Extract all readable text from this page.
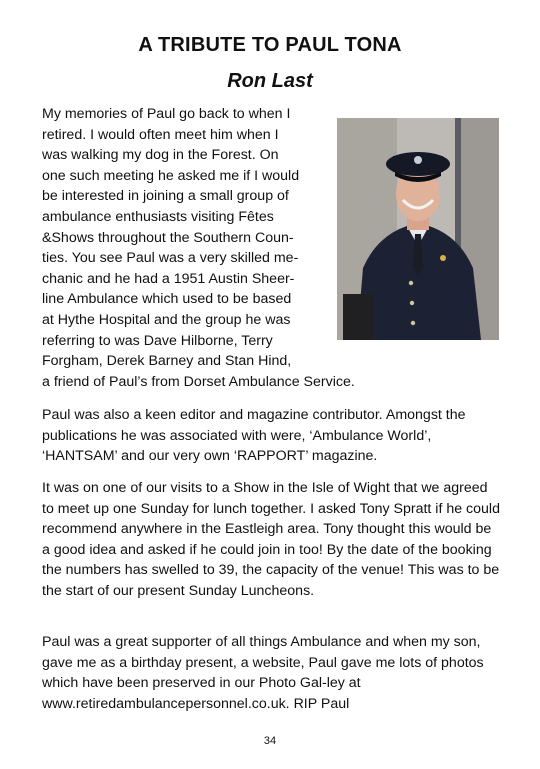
A TRIBUTE TO PAUL TONA
Ron Last
My memories of Paul go back to when I
retired. I would often meet him when I
was walking my dog in the Forest. On
one such meeting he asked me if I would
be interested in joining a small group of
ambulance enthusiasts visiting Fêtes
&Shows throughout the Southern Coun-
ties. You see Paul was a very skilled me-
chanic and he had a 1951 Austin Sheer-
line Ambulance which used to be based
at Hythe Hospital and the group he was
referring to was Dave Hilborne, Terry
Forgham, Derek Barney and Stan Hind,
a friend of Paul’s from Dorset Ambulance Service.

Paul was also a keen editor and magazine contributor. Amongst the publications he was associated with were, ‘Ambulance World’, ‘HANTSAM’ and our very own ‘RAPPORT’ magazine.

It was on one of our visits to a Show in the Isle of Wight that we agreed to meet up one Sunday for lunch together. I asked Tony Spratt if he could recommend anywhere in the Eastleigh area. Tony thought this would be a good idea and asked if he could join in too! By the date of the booking the numbers has swelled to 39, the capacity of the venue! This was to be the start of our present Sunday Luncheons.

Paul was a great supporter of all things Ambulance and when my son, gave me as a birthday present, a website, Paul gave me lots of photos which have been preserved in our Photo Gal-ley at www.retiredambulancepersonnel.co.uk. RIP Paul

34
